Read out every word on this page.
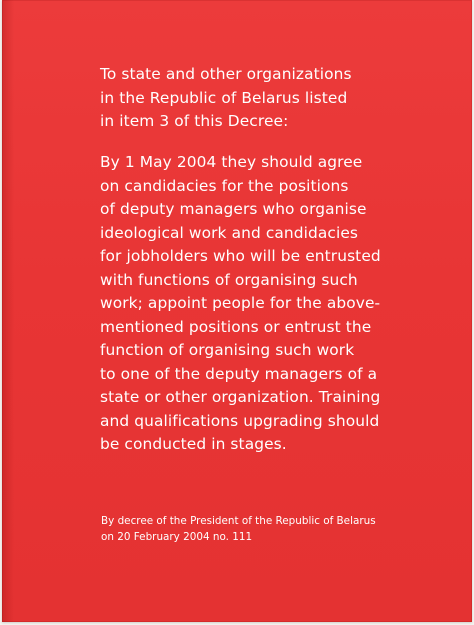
To state and other organizations
in the Republic of Belarus listed
in item 3 of this Decree:
By 1 May 2004 they should agree
on candidacies for the positions
of deputy managers who organise
ideological work and candidacies
for jobholders who will be entrusted
with functions of organising such
work; appoint people for the above-
mentioned positions or entrust the
function of organising such work
to one of the deputy managers of a
state or other organization. Training
and qualifications upgrading should
be conducted in stages.
By decree of the President of the Republic of Belarus
on 20 February 2004 no. 111
